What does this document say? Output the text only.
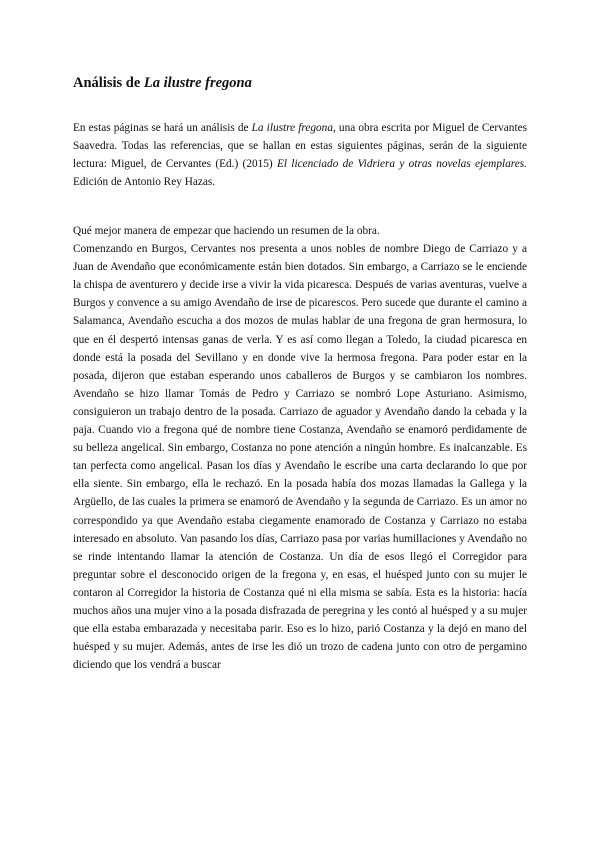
Análisis de La ilustre fregona

En estas páginas se hará un análisis de La ilustre fregona, una obra escrita por Miguel de Cervantes Saavedra. Todas las referencias, que se hallan en estas siguientes páginas, serán de la siguiente lectura: Miguel, de Cervantes (Ed.) (2015) El licenciado de Vidriera y otras novelas ejemplares. Edición de Antonio Rey Hazas.

Qué mejor manera de empezar que haciendo un resumen de la obra.
Comenzando en Burgos, Cervantes nos presenta a unos nobles de nombre Diego de Carriazo y a Juan de Avendaño que económicamente están bien dotados. Sin embargo, a Carriazo se le enciende la chispa de aventurero y decide irse a vivir la vida picaresca. Después de varias aventuras, vuelve a Burgos y convence a su amigo Avendaño de irse de picarescos. Pero sucede que durante el camino a Salamanca, Avendaño escucha a dos mozos de mulas hablar de una fregona de gran hermosura, lo que en él despertó intensas ganas de verla. Y es así como llegan a Toledo, la ciudad picaresca en donde está la posada del Sevillano y en donde vive la hermosa fregona. Para poder estar en la posada, dijeron que estaban esperando unos caballeros de Burgos y se cambiaron los nombres. Avendaño se hizo llamar Tomás de Pedro y Carriazo se nombró Lope Asturiano. Asimismo, consiguieron un trabajo dentro de la posada. Carriazo de aguador y Avendaño dando la cebada y la paja. Cuando vio a fregona qué de nombre tiene Costanza, Avendaño se enamoró perdidamente de su belleza angelical. Sin embargo, Costanza no pone atención a ningún hombre. Es inalcanzable. Es tan perfecta como angelical. Pasan los días y Avendaño le escribe una carta declarando lo que por ella siente. Sin embargo, ella le rechazó. En la posada había dos mozas llamadas la Gallega y la Argüello, de las cuales la primera se enamoró de Avendaño y la segunda de Carriazo. Es un amor no correspondido ya que Avendaño estaba ciegamente enamorado de Costanza y Carriazo no estaba interesado en absoluto. Van pasando los días, Carriazo pasa por varias humillaciones y Avendaño no se rinde intentando llamar la atención de Costanza. Un día de esos llegó el Corregidor para preguntar sobre el desconocido origen de la fregona y, en esas, el huésped junto con su mujer le contaron al Corregidor la historia de Costanza qué ni ella misma se sabía. Esta es la historia: hacía muchos años una mujer vino a la posada disfrazada de peregrina y les contó al huésped y a su mujer que ella estaba embarazada y necesitaba parir. Eso es lo hizo, parió Costanza y la dejó en mano del huésped y su mujer. Además, antes de irse les dió un trozo de cadena junto con otro de pergamino diciendo que los vendrá a buscar
